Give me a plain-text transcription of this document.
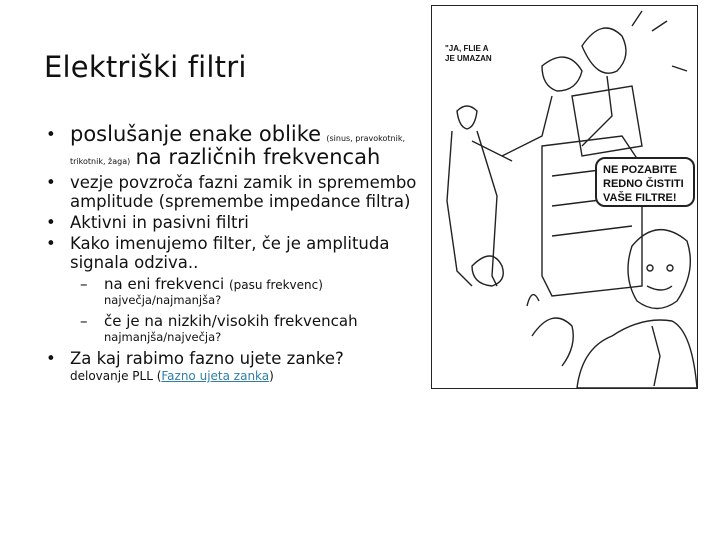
Elektriški filtri
• poslušanje enake oblike (sinus, pravokotnik,
trikotnik, žaga) na različnih frekvencah
• vezje povzroča fazni zamik in spremembo amplitude (spremembe impedance filtra)
• Aktivni in pasivni filtri
• Kako imenujemo filter, če je amplituda signala odziva..
– na eni frekvenci (pasu frekvenc)
največja/najmanjša?
– če je na nizkih/visokih frekvencah
najmanjša/največja?
• Za kaj rabimo fazno ujete zanke?
delovanje PLL (Fazno ujeta zanka)
"JA, FLIE A
JE UMAZAN
NE POZABITE
REDNO ČISTITI
VAŠE FILTRE!
